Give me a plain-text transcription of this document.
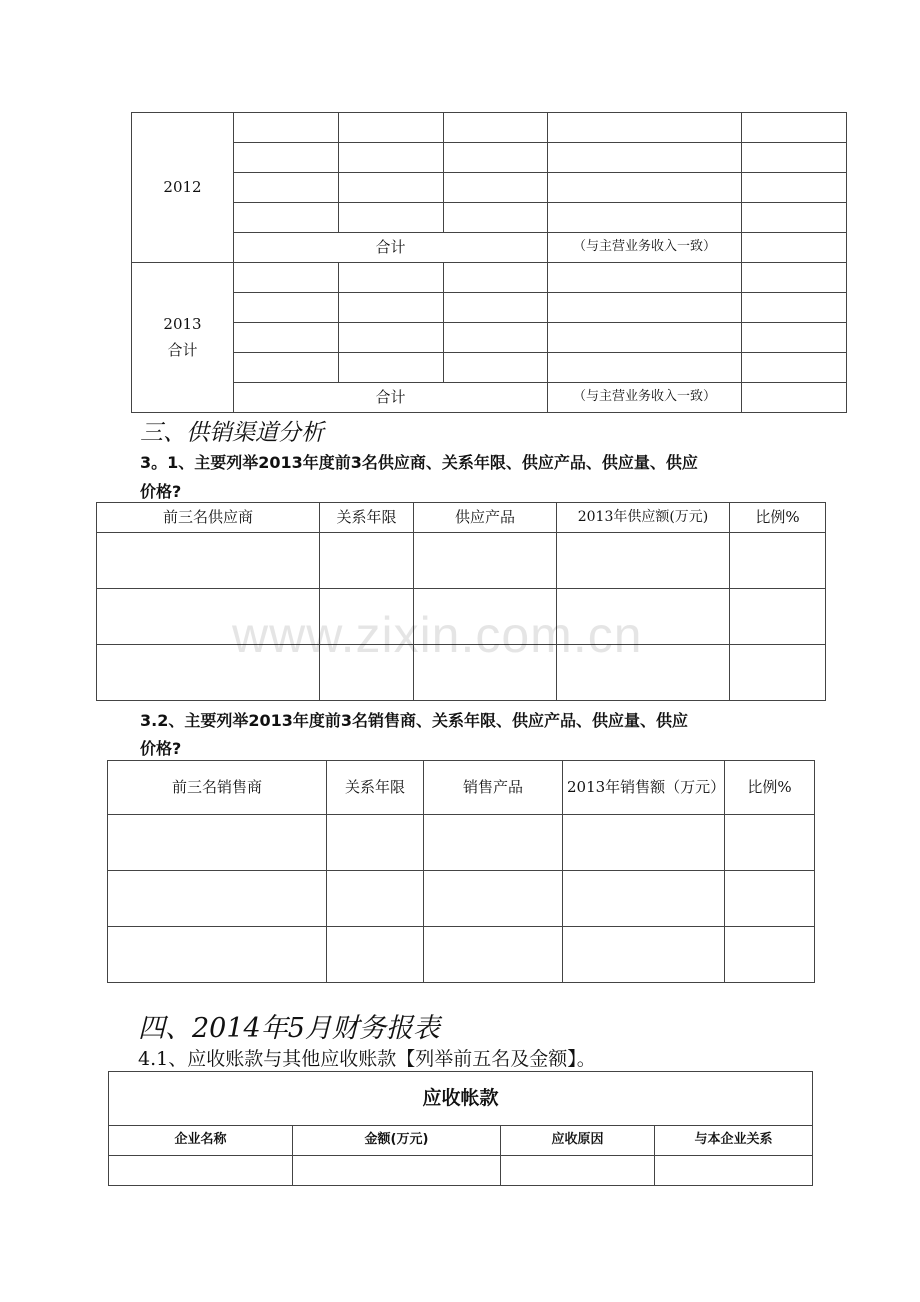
2012					

	合计			（与主营业务收入一致）	

2013
合计					

	合计			（与主营业务收入一致）	
三、供销渠道分析
3。1、主要列举2013年度前3名供应商、关系年限、供应产品、供应量、供应
价格?
前三名供应商	关系年限	供应产品	2013年供应额(万元)	比例%

www.zixin.com.cn
3.2、主要列举2013年度前3名销售商、关系年限、供应产品、供应量、供应
价格?
前三名销售商	关系年限	销售产品	2013年销售额（万元）	比例%

四、2014年5月财务报表
4.1、应收账款与其他应收账款【列举前五名及金额】。
应收帐款			
企业名称	金额(万元)	应收原因	与本企业关系
